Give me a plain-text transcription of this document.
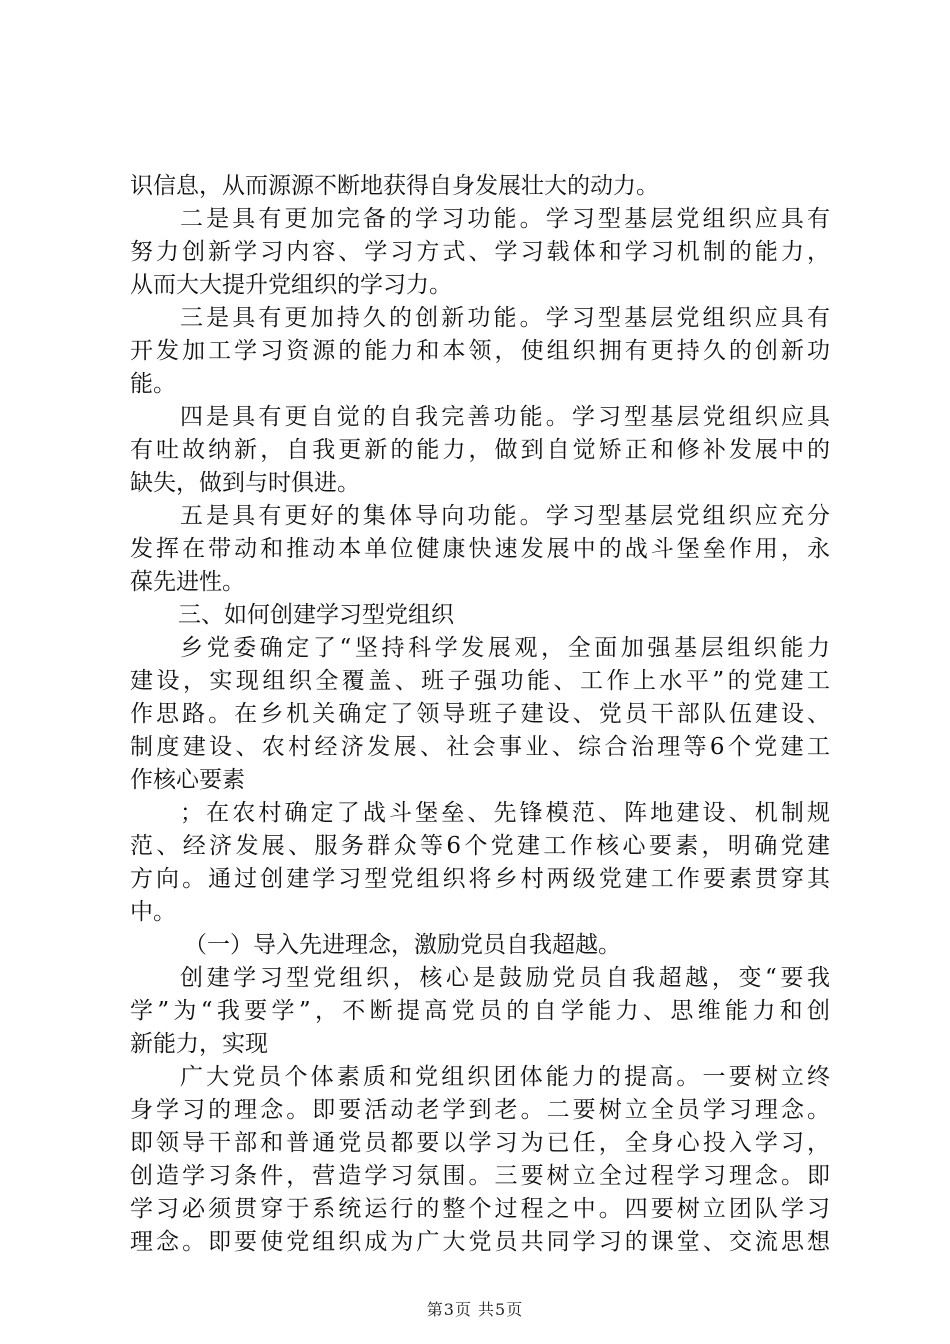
识信息，从而源源不断地获得自身发展壮大的动力。
二是具有更加完备的学习功能。学习型基层党组织应具有
努力创新学习内容、学习方式、学习载体和学习机制的能力，
从而大大提升党组织的学习力。
三是具有更加持久的创新功能。学习型基层党组织应具有
开发加工学习资源的能力和本领，使组织拥有更持久的创新功
能。
四是具有更自觉的自我完善功能。学习型基层党组织应具
有吐故纳新，自我更新的能力，做到自觉矫正和修补发展中的
缺失，做到与时俱进。
五是具有更好的集体导向功能。学习型基层党组织应充分
发挥在带动和推动本单位健康快速发展中的战斗堡垒作用，永
葆先进性。
三、如何创建学习型党组织
乡党委确定了“坚持科学发展观，全面加强基层组织能力
建设，实现组织全覆盖、班子强功能、工作上水平”的党建工
作思路。在乡机关确定了领导班子建设、党员干部队伍建设、
制度建设、农村经济发展、社会事业、综合治理等6个党建工
作核心要素
；在农村确定了战斗堡垒、先锋模范、阵地建设、机制规
范、经济发展、服务群众等6个党建工作核心要素，明确党建
方向。通过创建学习型党组织将乡村两级党建工作要素贯穿其
中。
（一）导入先进理念，激励党员自我超越。
创建学习型党组织，核心是鼓励党员自我超越，变“要我
学”为“我要学”，不断提高党员的自学能力、思维能力和创
新能力，实现
广大党员个体素质和党组织团体能力的提高。一要树立终
身学习的理念。即要活动老学到老。二要树立全员学习理念。
即领导干部和普通党员都要以学习为已任，全身心投入学习，
创造学习条件，营造学习氛围。三要树立全过程学习理念。即
学习必须贯穿于系统运行的整个过程之中。四要树立团队学习
理念。即要使党组织成为广大党员共同学习的课堂、交流思想
第3页 共5页
